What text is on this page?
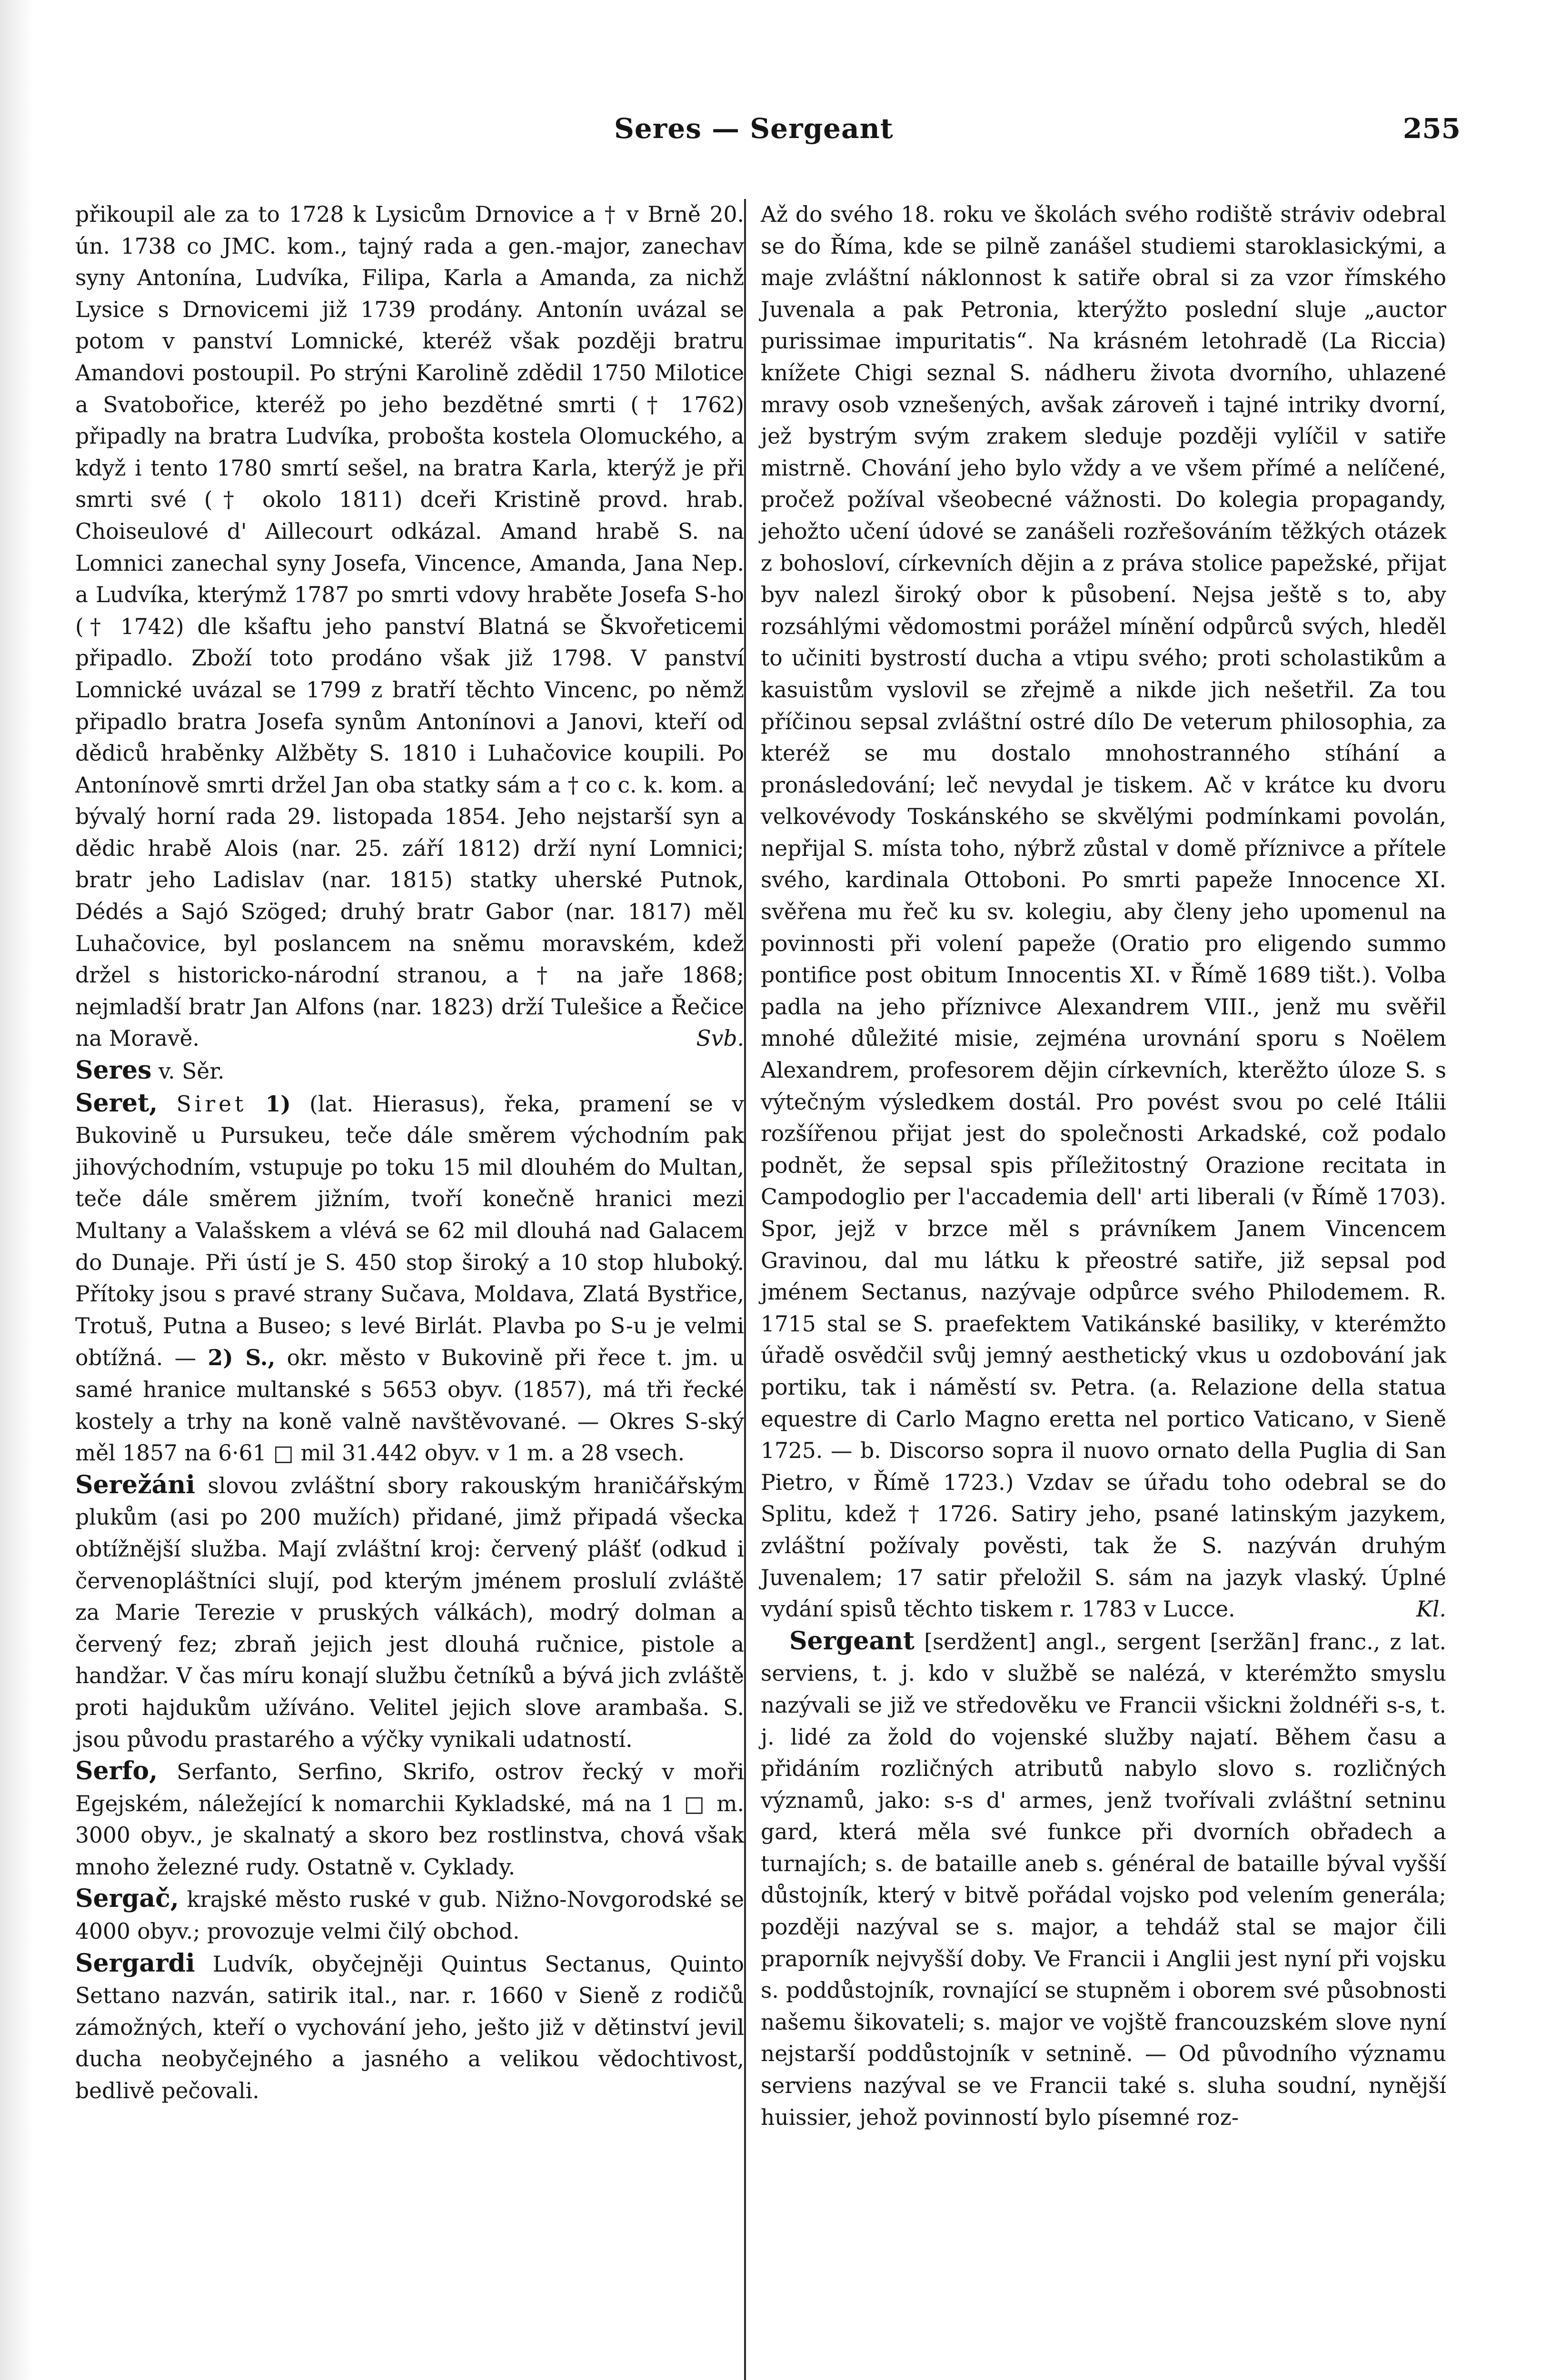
Seres — Sergeant	255

přikoupil ale za to 1728 k Lysicům Drnovice a † v Brně 20. ún. 1738 co JMC. kom., tajný rada a gen.-major, zanechav syny Antonína, Ludvíka, Filipa, Karla a Amanda, za nichž Lysice s Drnovicemi již 1739 prodány. Antonín uvázal se potom v panství Lomnické, kteréž však později bratru Amandovi postoupil. Po strýni Karolině zdědil 1750 Milotice a Svatobořice, kteréž po jeho bezdětné smrti († 1762) připadly na bratra Ludvíka, probošta kostela Olomuckého, a když i tento 1780 smrtí sešel, na bratra Karla, kterýž je při smrti své († okolo 1811) dceři Kristině provd. hrab. Choiseulové d' Aillecourt odkázal. Amand hrabě S. na Lomnici zanechal syny Josefa, Vincence, Amanda, Jana Nep. a Ludvíka, kterýmž 1787 po smrti vdovy hraběte Josefa S-ho († 1742) dle kšaftu jeho panství Blatná se Škvořeticemi připadlo. Zboží toto prodáno však již 1798. V panství Lomnické uvázal se 1799 z bratří těchto Vincenc, po němž připadlo bratra Josefa synům Antonínovi a Janovi, kteří od dědiců hraběnky Alžběty S. 1810 i Luhačovice koupili. Po Antonínově smrti držel Jan oba statky sám a † co c. k. kom. a bývalý horní rada 29. listopada 1854. Jeho nejstarší syn a dědic hrabě Alois (nar. 25. září 1812) drží nyní Lomnici; bratr jeho Ladislav (nar. 1815) statky uherské Putnok, Dédés a Sajó Szöged; druhý bratr Gabor (nar. 1817) měl Luhačovice, byl poslancem na sněmu moravském, kdež držel s historicko-národní stranou, a † na jaře 1868; nejmladší bratr Jan Alfons (nar. 1823) drží Tulešice a Řečice na Moravě.	Svb.

Seres v. Sěr.

Seret, Siret 1) (lat. Hierasus), řeka, pramení se v Bukovině u Pursukeu, teče dále směrem východním pak jihovýchodním, vstupuje po toku 15 mil dlouhém do Multan, teče dále směrem jižním, tvoří konečně hranici mezi Multany a Valašskem a vlévá se 62 mil dlouhá nad Galacem do Dunaje. Při ústí je S. 450 stop široký a 10 stop hluboký. Přítoky jsou s pravé strany Sučava, Moldava, Zlatá Bystřice, Trotuš, Putna a Buseo; s levé Birlát. Plavba po S-u je velmi obtížná. — 2) S., okr. město v Bukovině při řece t. jm. u samé hranice multanské s 5653 obyv. (1857), má tři řecké kostely a trhy na koně valně navštěvované. — Okres S-ský měl 1857 na 6·61 □ mil 31.442 obyv. v 1 m. a 28 vsech.

Serežáni slovou zvláštní sbory rakouským hraničářským plukům (asi po 200 mužích) přidané, jimž připadá všecka obtížnější služba. Mají zvláštní kroj: červený plášť (odkud i červenopláštníci slují, pod kterým jménem proslulí zvláště za Marie Terezie v pruských válkách), modrý dolman a červený fez; zbraň jejich jest dlouhá ručnice, pistole a handžar. V čas míru konají službu četníků a bývá jich zvláště proti hajdukům užíváno. Velitel jejich slove arambaša. S. jsou původu prastarého a výčky vynikali udatností.

Serfo, Serfanto, Serfino, Skrifo, ostrov řecký v moři Egejském, náležející k nomarchii Kykladské, má na 1 □ m. 3000 obyv., je skalnatý a skoro bez rostlinstva, chová však mnoho železné rudy. Ostatně v. Cyklady.

Sergač, krajské město ruské v gub. Nižno-Novgorodské se 4000 obyv.; provozuje velmi čilý obchod.

Sergardi Ludvík, obyčejněji Quintus Sectanus, Quinto Settano nazván, satirik ital., nar. r. 1660 v Sieně z rodičů zámožných, kteří o vychování jeho, ješto již v dětinství jevil ducha neobyčejného a jasného a velikou vědochtivost, bedlivě pečovali.

Až do svého 18. roku ve školách svého rodiště stráviv odebral se do Říma, kde se pilně zanášel studiemi staroklasickými, a maje zvláštní náklonnost k satiře obral si za vzor římského Juvenala a pak Petronia, kterýžto poslední sluje „auctor purissimae impuritatis“. Na krásném letohradě (La Riccia) knížete Chigi seznal S. nádheru života dvorního, uhlazené mravy osob vznešených, avšak zároveň i tajné intriky dvorní, jež bystrým svým zrakem sleduje později vylíčil v satiře mistrně. Chování jeho bylo vždy a ve všem přímé a nelíčené, pročež požíval všeobecné vážnosti. Do kolegia propagandy, jehožto učení údové se zanášeli rozřešováním těžkých otázek z bohosloví, církevních dějin a z práva stolice papežské, přijat byv nalezl široký obor k působení. Nejsa ještě s to, aby rozsáhlými vědomostmi porážel mínění odpůrců svých, hleděl to učiniti bystrostí ducha a vtipu svého; proti scholastikům a kasuistům vyslovil se zřejmě a nikde jich nešetřil. Za tou příčinou sepsal zvláštní ostré dílo De veterum philosophia, za kteréž se mu dostalo mnohostranného stíhání a pronásledování; leč nevydal je tiskem. Ač v krátce ku dvoru velkovévody Toskánského se skvělými podmínkami povolán, nepřijal S. místa toho, nýbrž zůstal v domě příznivce a přítele svého, kardinala Ottoboni. Po smrti papeže Innocence XI. svěřena mu řeč ku sv. kolegiu, aby členy jeho upomenul na povinnosti při volení papeže (Oratio pro eligendo summo pontifice post obitum Innocentis XI. v Římě 1689 tišt.). Volba padla na jeho příznivce Alexandrem VIII., jenž mu svěřil mnohé důležité misie, zejména urovnání sporu s Noëlem Alexandrem, profesorem dějin církevních, kterěžto úloze S. s výtečným výsledkem dostál. Pro povést svou po celé Itálii rozšířenou přijat jest do společnosti Arkadské, což podalo podnět, že sepsal spis příležitostný Orazione recitata in Campodoglio per l'accademia dell' arti liberali (v Římě 1703). Spor, jejž v brzce měl s právníkem Janem Vincencem Gravinou, dal mu látku k přeostré satiře, již sepsal pod jménem Sectanus, nazývaje odpůrce svého Philodemem. R. 1715 stal se S. praefektem Vatikánské basiliky, v kterémžto úřadě osvědčil svůj jemný aesthetický vkus u ozdobování jak portiku, tak i náměstí sv. Petra. (a. Relazione della statua equestre di Carlo Magno eretta nel portico Vaticano, v Sieně 1725. — b. Discorso sopra il nuovo ornato della Puglia di San Pietro, v Římě 1723.) Vzdav se úřadu toho odebral se do Splitu, kdež † 1726. Satiry jeho, psané latinským jazykem, zvláštní požívaly pověsti, tak že S. nazýván druhým Juvenalem; 17 satir přeložil S. sám na jazyk vlaský. Úplné vydání spisů těchto tiskem r. 1783 v Lucce.	Kl.

Sergeant [serdžent] angl., sergent [seržãn] franc., z lat. serviens, t. j. kdo v službě se nalézá, v kterémžto smyslu nazývali se již ve středověku ve Francii všickni žoldnéři s-s, t. j. lidé za žold do vojenské služby najatí. Během času a přidáním rozličných atributů nabylo slovo s. rozličných významů, jako: s-s d' armes, jenž tvořívali zvláštní setninu gard, která měla své funkce při dvorních obřadech a turnajích; s. de bataille aneb s. général de bataille býval vyšší důstojník, který v bitvě pořádal vojsko pod velením generála; později nazýval se s. major, a tehdáž stal se major čili praporník nejvyšší doby. Ve Francii i Anglii jest nyní při vojsku s. poddůstojník, rovnající se stupněm i oborem své působnosti našemu šikovateli; s. major ve vojště francouzském slove nyní nejstarší poddůstojník v setnině. — Od původního významu serviens nazýval se ve Francii také s. sluha soudní, nynější huissier, jehož povinností bylo písemné roz-
